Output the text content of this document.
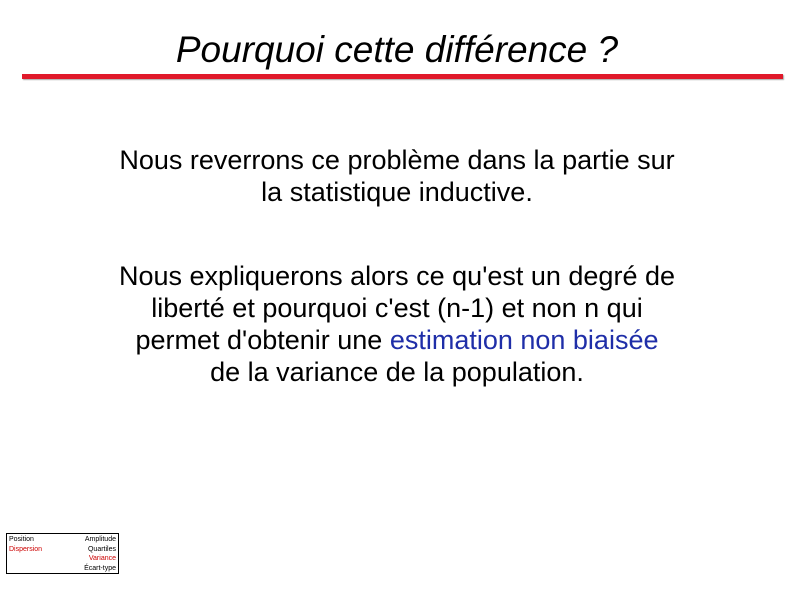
Pourquoi cette différence ?
Nous reverrons ce problème dans la partie sur
la statistique inductive.
Nous expliquerons alors ce qu'est un degré de
liberté et pourquoi c'est (n-1) et non n qui
permet d'obtenir une estimation non biaisée
de la variance de la population.
Position
Dispersion
Amplitude
Quartiles
Variance
Écart-type
